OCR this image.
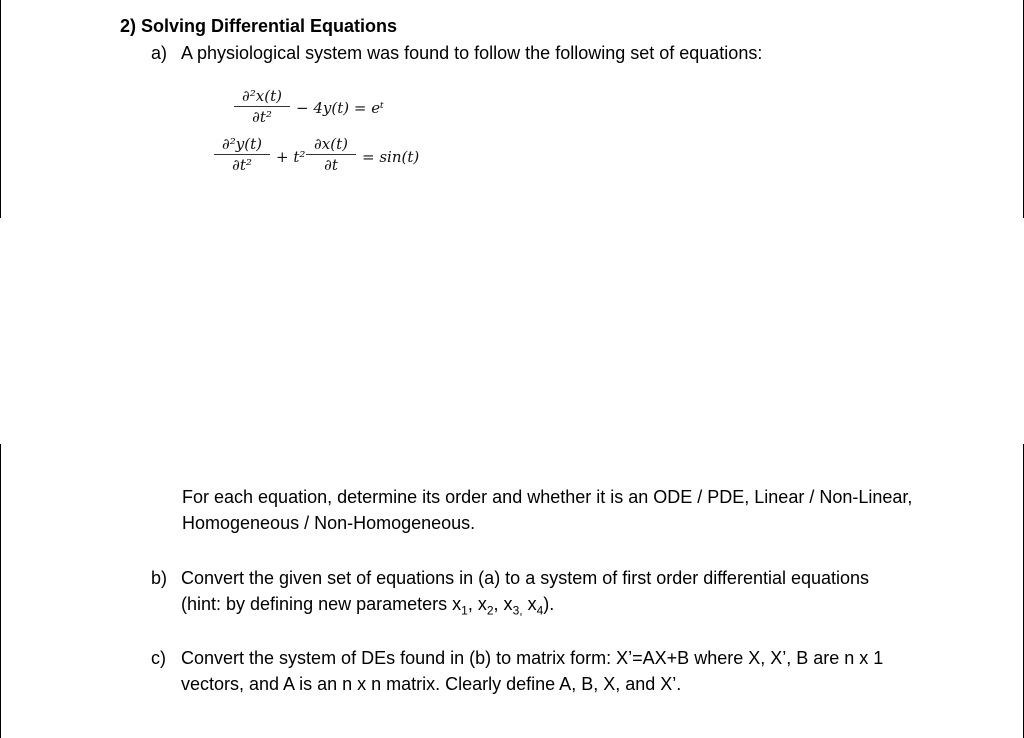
2) Solving Differential Equations
a) A physiological system was found to follow the following set of equations:
∂²x(t)
∂t²	− 4y(t) = eᵗ
∂²y(t)
∂t²	+ t²
∂x(t)
∂t	= sin(t)
For each equation, determine its order and whether it is an ODE / PDE, Linear / Non-Linear, Homogeneous / Non-Homogeneous.
b) Convert the given set of equations in (a) to a system of first order differential equations (hint: by defining new parameters $x_1$, $x_2$, $x_{3,}$ $x_4$).
c) Convert the system of DEs found in (b) to matrix form: X’=AX+B where X, X’, B are n x 1 vectors, and A is an n x n matrix. Clearly define A, B, X, and X’.
